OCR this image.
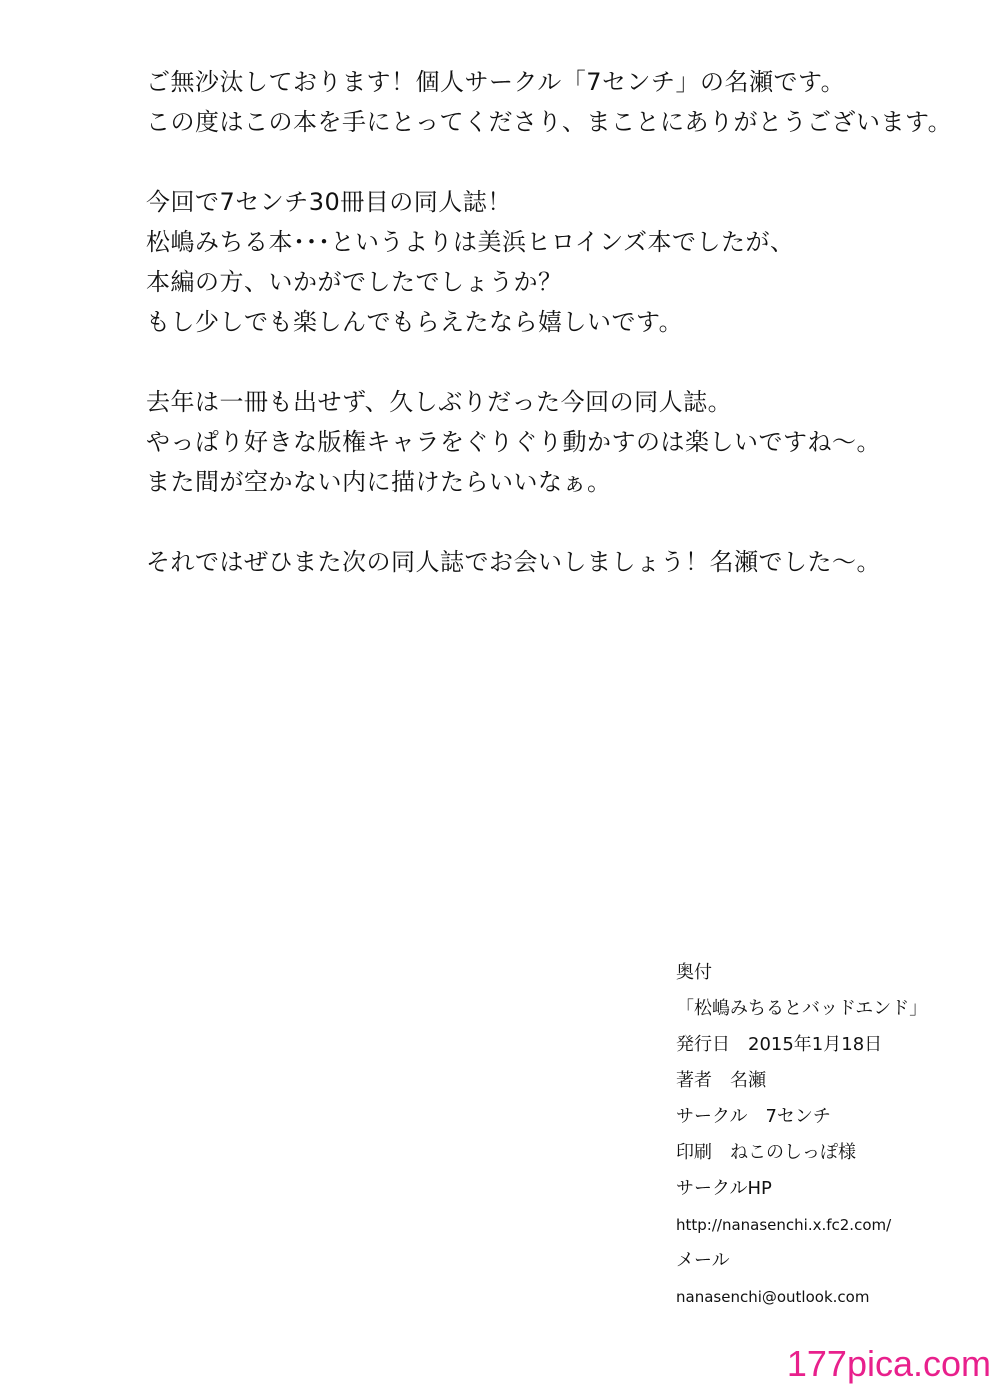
ご無沙汰しております！個人サークル「7センチ」の名瀬です。
この度はこの本を手にとってくださり、まことにありがとうございます。
今回で7センチ30冊目の同人誌！
松嶋みちる本･･･というよりは美浜ヒロインズ本でしたが、
本編の方、いかがでしたでしょうか？
もし少しでも楽しんでもらえたなら嬉しいです。
去年は一冊も出せず、久しぶりだった今回の同人誌。
やっぱり好きな版権キャラをぐりぐり動かすのは楽しいですね～。
また間が空かない内に描けたらいいなぁ。
それではぜひまた次の同人誌でお会いしましょう！名瀬でした～。
奥付
「松嶋みちるとバッドエンド」
発行日　2015年1月18日
著者　名瀬
サークル　7センチ
印刷　ねこのしっぽ様
サークルHP
http://nanasenchi.x.fc2.com/
メール
nanasenchi@outlook.com
177pica.com
